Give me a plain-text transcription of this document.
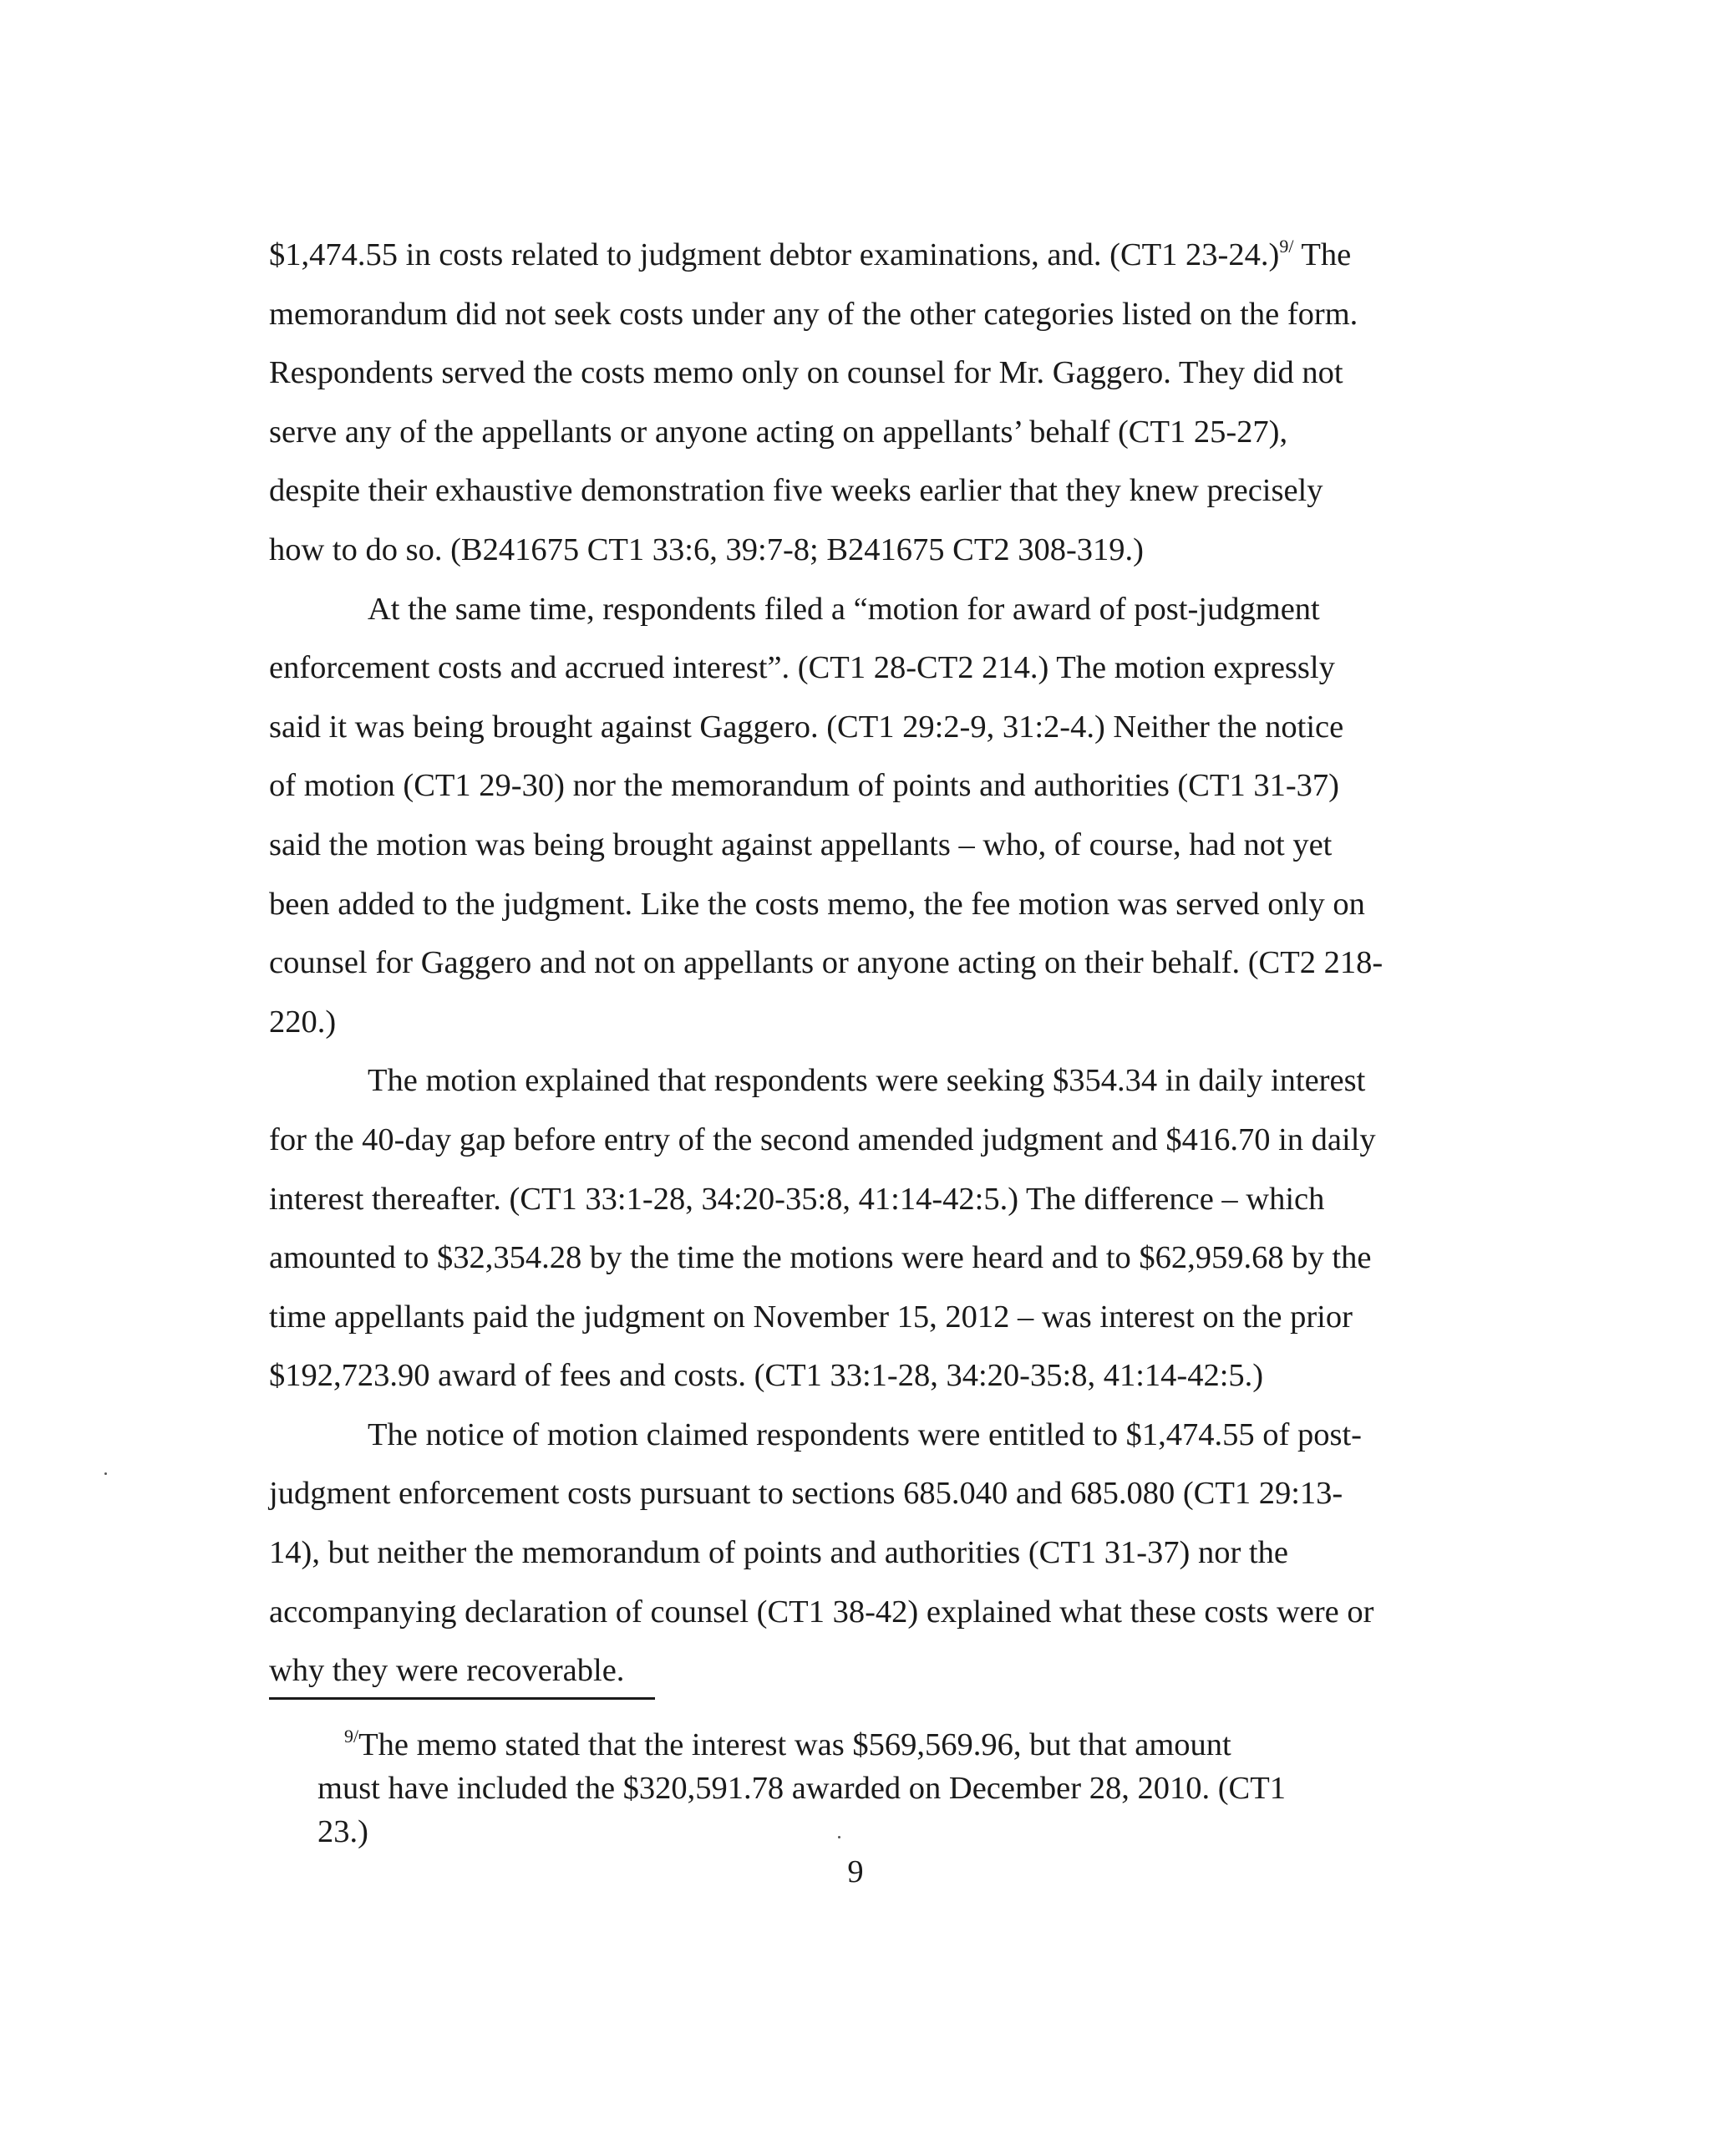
$1,474.55 in costs related to judgment debtor examinations, and. (CT1 23-24.)$^{9/}$ The
memorandum did not seek costs under any of the other categories listed on the form.
Respondents served the costs memo only on counsel for Mr. Gaggero. They did not
serve any of the appellants or anyone acting on appellants’ behalf (CT1 25-27),
despite their exhaustive demonstration five weeks earlier that they knew precisely
how to do so. (B241675 CT1 33:6, 39:7-8; B241675 CT2 308-319.)
At the same time, respondents filed a “motion for award of post-judgment
enforcement costs and accrued interest”. (CT1 28-CT2 214.) The motion expressly
said it was being brought against Gaggero. (CT1 29:2-9, 31:2-4.) Neither the notice
of motion (CT1 29-30) nor the memorandum of points and authorities (CT1 31-37)
said the motion was being brought against appellants – who, of course, had not yet
been added to the judgment. Like the costs memo, the fee motion was served only on
counsel for Gaggero and not on appellants or anyone acting on their behalf. (CT2 218-
220.)
The motion explained that respondents were seeking $354.34 in daily interest
for the 40-day gap before entry of the second amended judgment and $416.70 in daily
interest thereafter. (CT1 33:1-28, 34:20-35:8, 41:14-42:5.) The difference – which
amounted to $32,354.28 by the time the motions were heard and to $62,959.68 by the
time appellants paid the judgment on November 15, 2012 – was interest on the prior
$192,723.90 award of fees and costs. (CT1 33:1-28, 34:20-35:8, 41:14-42:5.)
The notice of motion claimed respondents were entitled to $1,474.55 of post-
judgment enforcement costs pursuant to sections 685.040 and 685.080 (CT1 29:13-
14), but neither the memorandum of points and authorities (CT1 31-37) nor the
accompanying declaration of counsel (CT1 38-42) explained what these costs were or
why they were recoverable.
$^{9/}$The memo stated that the interest was $569,569.96, but that amount
must have included the $320,591.78 awarded on December 28, 2010. (CT1
23.)
9
